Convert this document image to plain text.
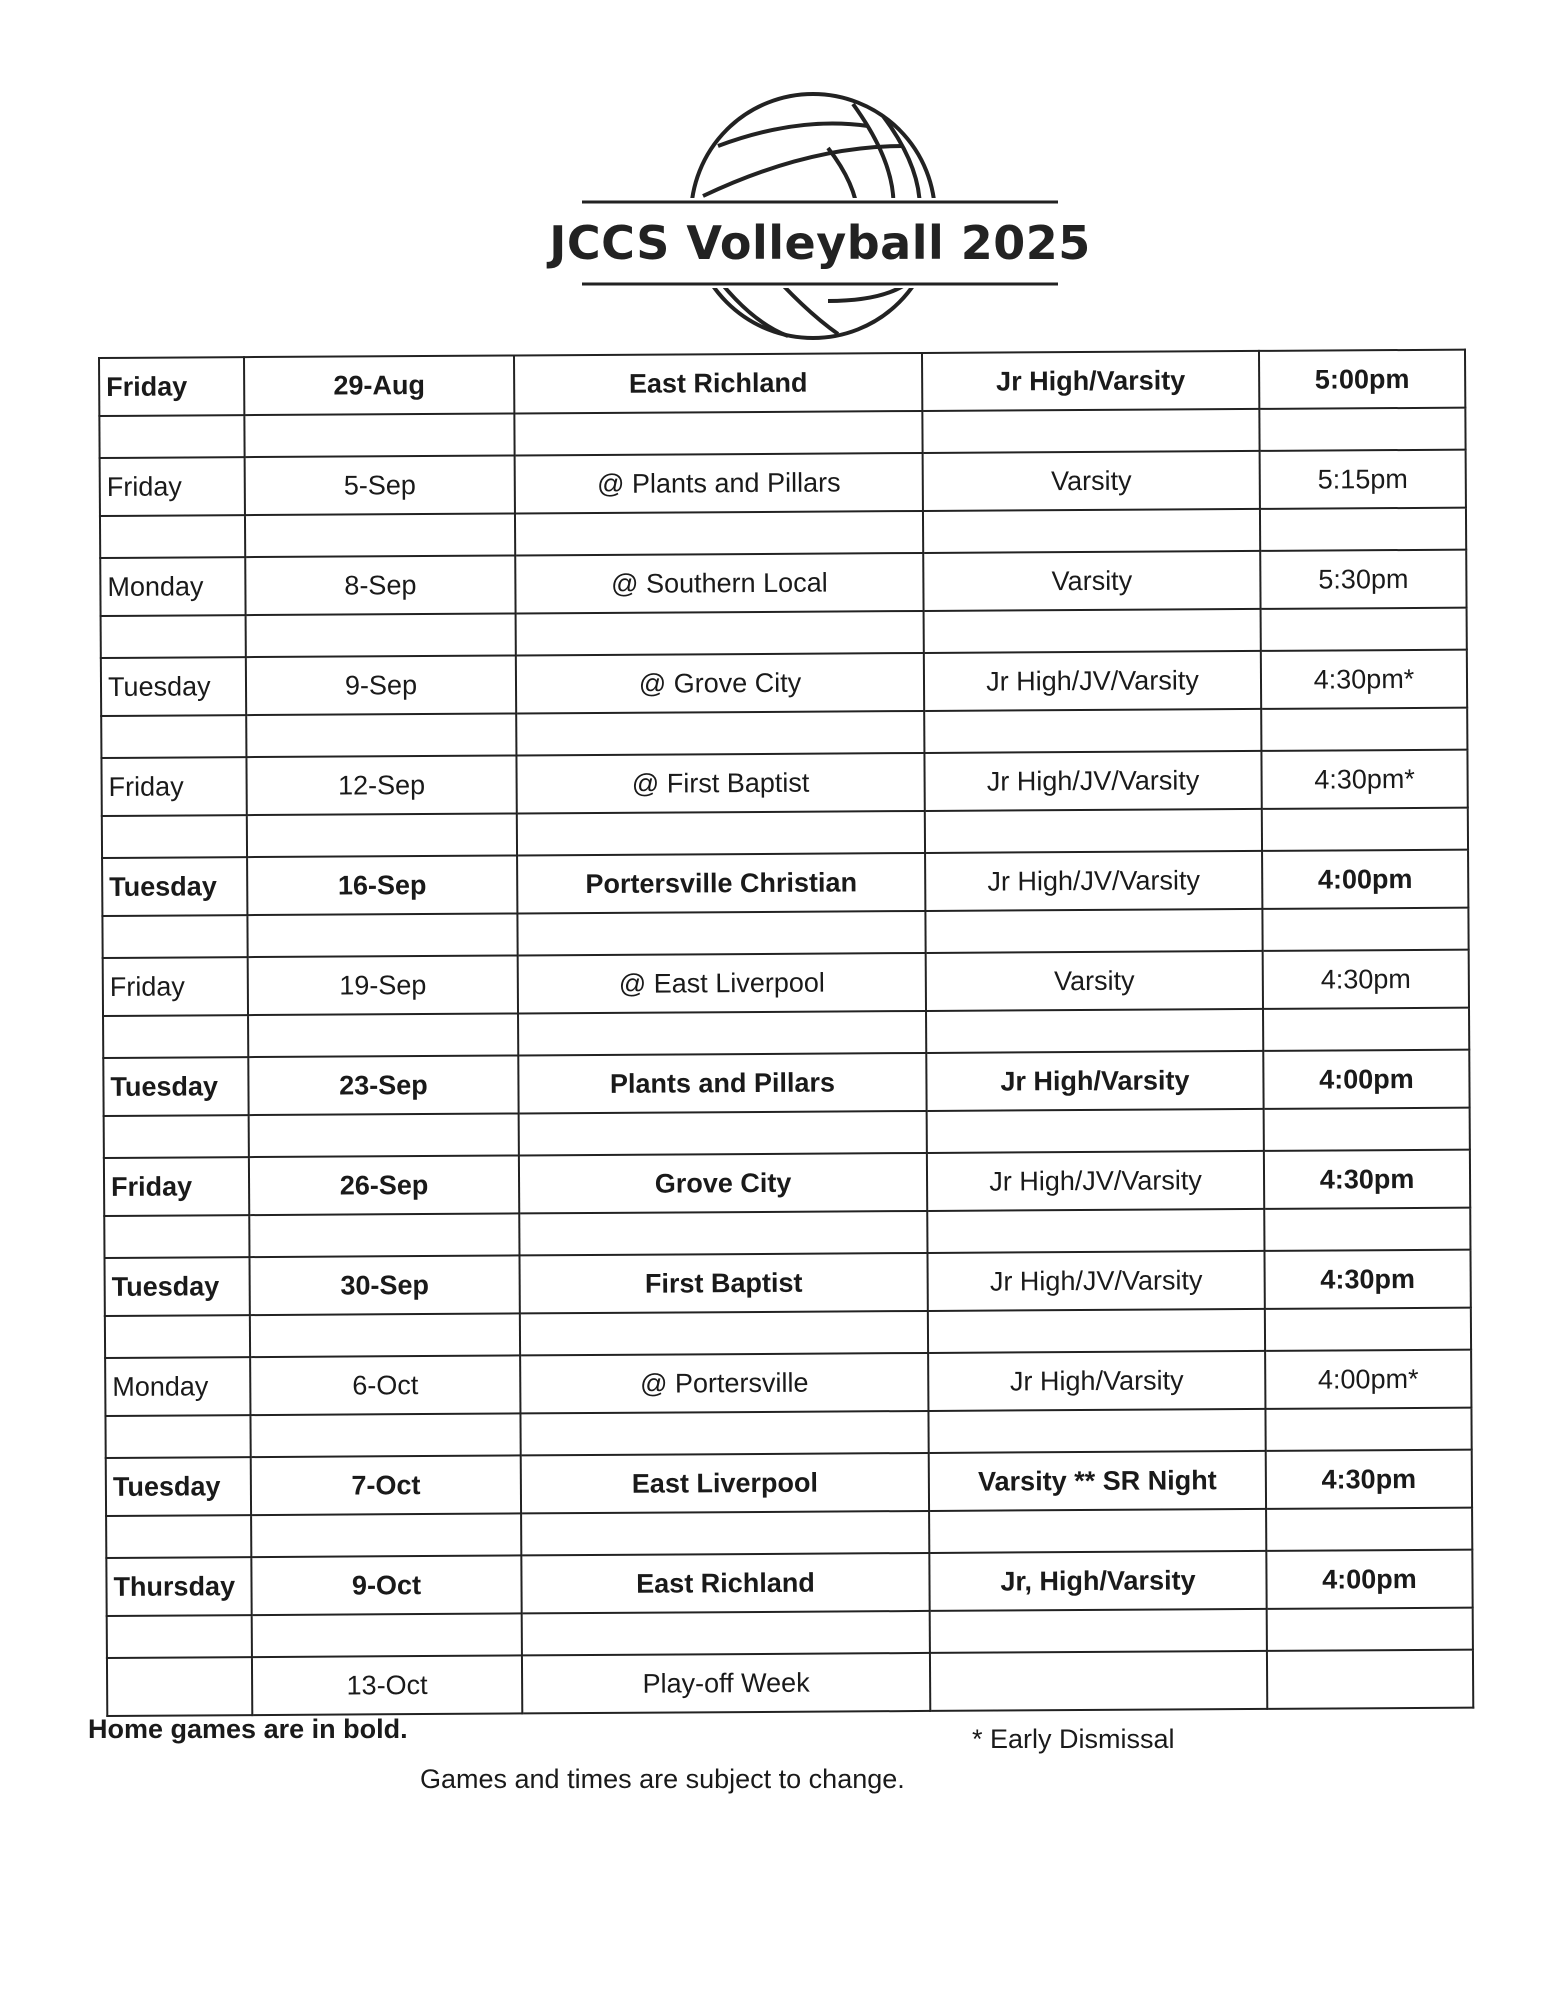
JCCS Volleyball 2025
Friday	29-Aug	East Richland	Jr High/Varsity	5:00pm

Friday	5-Sep	@ Plants and Pillars	Varsity	5:15pm

Monday	8-Sep	@ Southern Local	Varsity	5:30pm

Tuesday	9-Sep	@ Grove City	Jr High/JV/Varsity	4:30pm*

Friday	12-Sep	@ First Baptist	Jr High/JV/Varsity	4:30pm*

Tuesday	16-Sep	Portersville Christian	Jr High/JV/Varsity	4:00pm

Friday	19-Sep	@ East Liverpool	Varsity	4:30pm

Tuesday	23-Sep	Plants and Pillars	Jr High/Varsity	4:00pm

Friday	26-Sep	Grove City	Jr High/JV/Varsity	4:30pm

Tuesday	30-Sep	First Baptist	Jr High/JV/Varsity	4:30pm

Monday	6-Oct	@ Portersville	Jr High/Varsity	4:00pm*

Tuesday	7-Oct	East Liverpool	Varsity ** SR Night	4:30pm

Thursday	9-Oct	East Richland	Jr, High/Varsity	4:00pm

	13-Oct	Play-off Week		
Home games are in bold.	* Early Dismissal
Games and times are subject to change.
